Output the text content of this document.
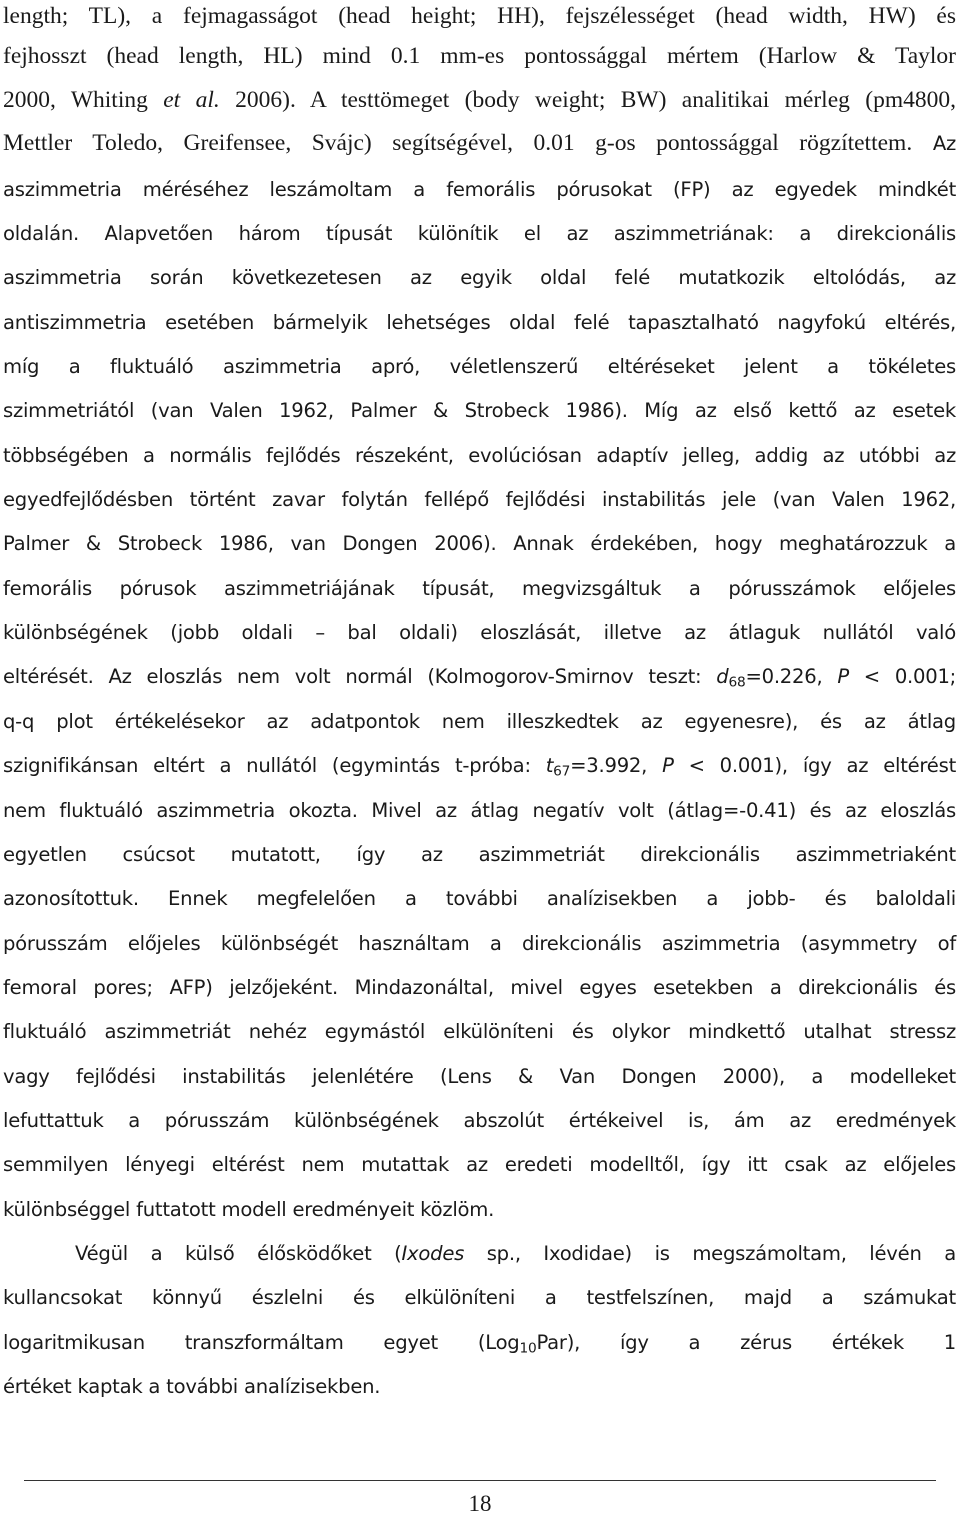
length; TL), a fejmagasságot (head height; HH), fejszélességet (head width, HW) és
fejhosszt (head length, HL) mind 0.1 mm-es pontossággal mértem (Harlow & Taylor
2000, Whiting et al. 2006). A testtömeget (body weight; BW) analitikai mérleg (pm4800,
Mettler Toledo, Greifensee, Svájc) segítségével, 0.01 g-os pontossággal rögzítettem. Az
aszimmetria méréséhez leszámoltam a femorális pórusokat (FP) az egyedek mindkét
oldalán. Alapvetően három típusát különítik el az aszimmetriának: a direkcionális
aszimmetria során következetesen az egyik oldal felé mutatkozik eltolódás, az
antiszimmetria esetében bármelyik lehetséges oldal felé tapasztalható nagyfokú eltérés,
míg a fluktuáló aszimmetria apró, véletlenszerű eltéréseket jelent a tökéletes
szimmetriától (van Valen 1962, Palmer & Strobeck 1986). Míg az első kettő az esetek
többségében a normális fejlődés részeként, evolúciósan adaptív jelleg, addig az utóbbi az
egyedfejlődésben történt zavar folytán fellépő fejlődési instabilitás jele (van Valen 1962,
Palmer & Strobeck 1986, van Dongen 2006). Annak érdekében, hogy meghatározzuk a
femorális pórusok aszimmetriájának típusát, megvizsgáltuk a pórusszámok előjeles
különbségének (jobb oldali – bal oldali) eloszlását, illetve az átlaguk nullától való
eltérését. Az eloszlás nem volt normál (Kolmogorov-Smirnov teszt: $d_{68}=0.226$, P < 0.001;
q-q plot értékelésekor az adatpontok nem illeszkedtek az egyenesre), és az átlag
szignifikánsan eltért a nullától (egymintás t-próba: $t_{67}=3.992$, P < 0.001), így az eltérést
nem fluktuáló aszimmetria okozta. Mivel az átlag negatív volt (átlag=-0.41) és az eloszlás
egyetlen csúcsot mutatott, így az aszimmetriát direkcionális aszimmetriaként
azonosítottuk. Ennek megfelelően a további analízisekben a jobb- és baloldali
pórusszám előjeles különbségét használtam a direkcionális aszimmetria (asymmetry of
femoral pores; AFP) jelzőjeként. Mindazonáltal, mivel egyes esetekben a direkcionális és
fluktuáló aszimmetriát nehéz egymástól elkülöníteni és olykor mindkettő utalhat stressz
vagy fejlődési instabilitás jelenlétére (Lens & Van Dongen 2000), a modelleket
lefuttattuk a pórusszám különbségének abszolút értékeivel is, ám az eredmények
semmilyen lényegi eltérést nem mutattak az eredeti modelltől, így itt csak az előjeles
különbséggel futtatott modell eredményeit közlöm.
Végül a külső élősködőket (Ixodes sp., Ixodidae) is megszámoltam, lévén a
kullancsokat könnyű észlelni és elkülöníteni a testfelszínen, majd a számukat
logaritmikusan transzformáltam egyet (Log$_{10}$Par), így a zérus értékek 1
értéket kaptak a további analízisekben.
18
